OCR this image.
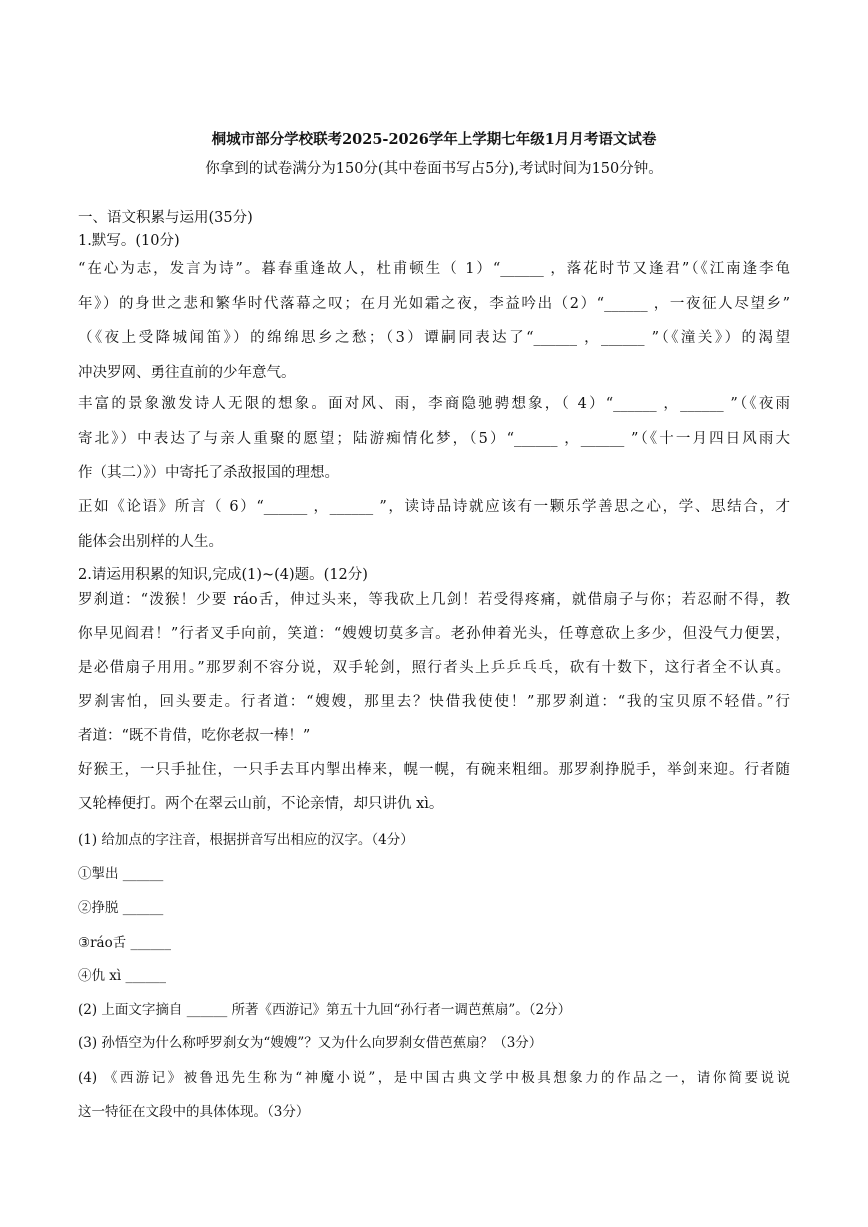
桐城市部分学校联考2025-2026学年上学期七年级1月月考语文试卷
你拿到的试卷满分为150分(其中卷面书写占5分),考试时间为150分钟。
一、语文积累与运用(35分)
1.默写。(10分)
“在心为志，发言为诗”。暮春重逢故人，杜甫顿生（ 1）“______ ，落花时节又逢君”（《江南逢李龟
年》）的身世之悲和繁华时代落幕之叹；在月光如霜之夜，李益吟出（2）“______ ，一夜征人尽望乡”
（《夜上受降城闻笛》）的绵绵思乡之愁；（3）谭嗣同表达了“______ ，______ ”（《潼关》）的渴望
冲决罗网、勇往直前的少年意气。
丰富的景象激发诗人无限的想象。面对风、雨，李商隐驰骋想象，（ 4）“______ ，______ ”（《夜雨
寄北》）中表达了与亲人重聚的愿望；陆游痴情化梦，（5）“______ ，______ ”（《十一月四日风雨大
作（其二）》）中寄托了杀敌报国的理想。
正如《论语》所言（ 6）“______ ，______ ”，读诗品诗就应该有一颗乐学善思之心，学、思结合，才
能体会出别样的人生。
2.请运用积累的知识,完成(1)~(4)题。(12分)
罗刹道：“泼猴！少要 ráo舌，伸过头来，等我砍上几剑！若受得疼痛，就借扇子与你；若忍耐不得，教
你早见阎君！”行者叉手向前，笑道：“嫂嫂切莫多言。老孙伸着光头，任尊意砍上多少，但没气力便罢，
是必借扇子用用。”那罗刹不容分说，双手轮剑，照行者头上乒乒乓乓，砍有十数下，这行者全不认真。
罗刹害怕，回头要走。行者道：“嫂嫂，那里去？快借我使使！”那罗刹道：“我的宝贝原不轻借。”行
者道：“既不肯借，吃你老叔一棒！”
好猴王，一只手扯住，一只手去耳内掣出棒来，幌一幌，有碗来粗细。那罗刹挣脱手，举剑来迎。行者随
又轮棒便打。两个在翠云山前，不论亲情，却只讲仇 xì。
(1) 给加点的字注音，根据拼音写出相应的汉字。（4分）
①掣出 ______
②挣脱 ______
③ráo舌 ______
④仇 xì ______
(2) 上面文字摘自 ______ 所著《西游记》第五十九回“孙行者一调芭蕉扇”。（2分）
(3) 孙悟空为什么称呼罗刹女为“嫂嫂”？又为什么向罗刹女借芭蕉扇？（3分）
(4) 《西游记》被鲁迅先生称为“神魔小说”，是中国古典文学中极具想象力的作品之一，请你简要说说
这一特征在文段中的具体体现。（3分）
